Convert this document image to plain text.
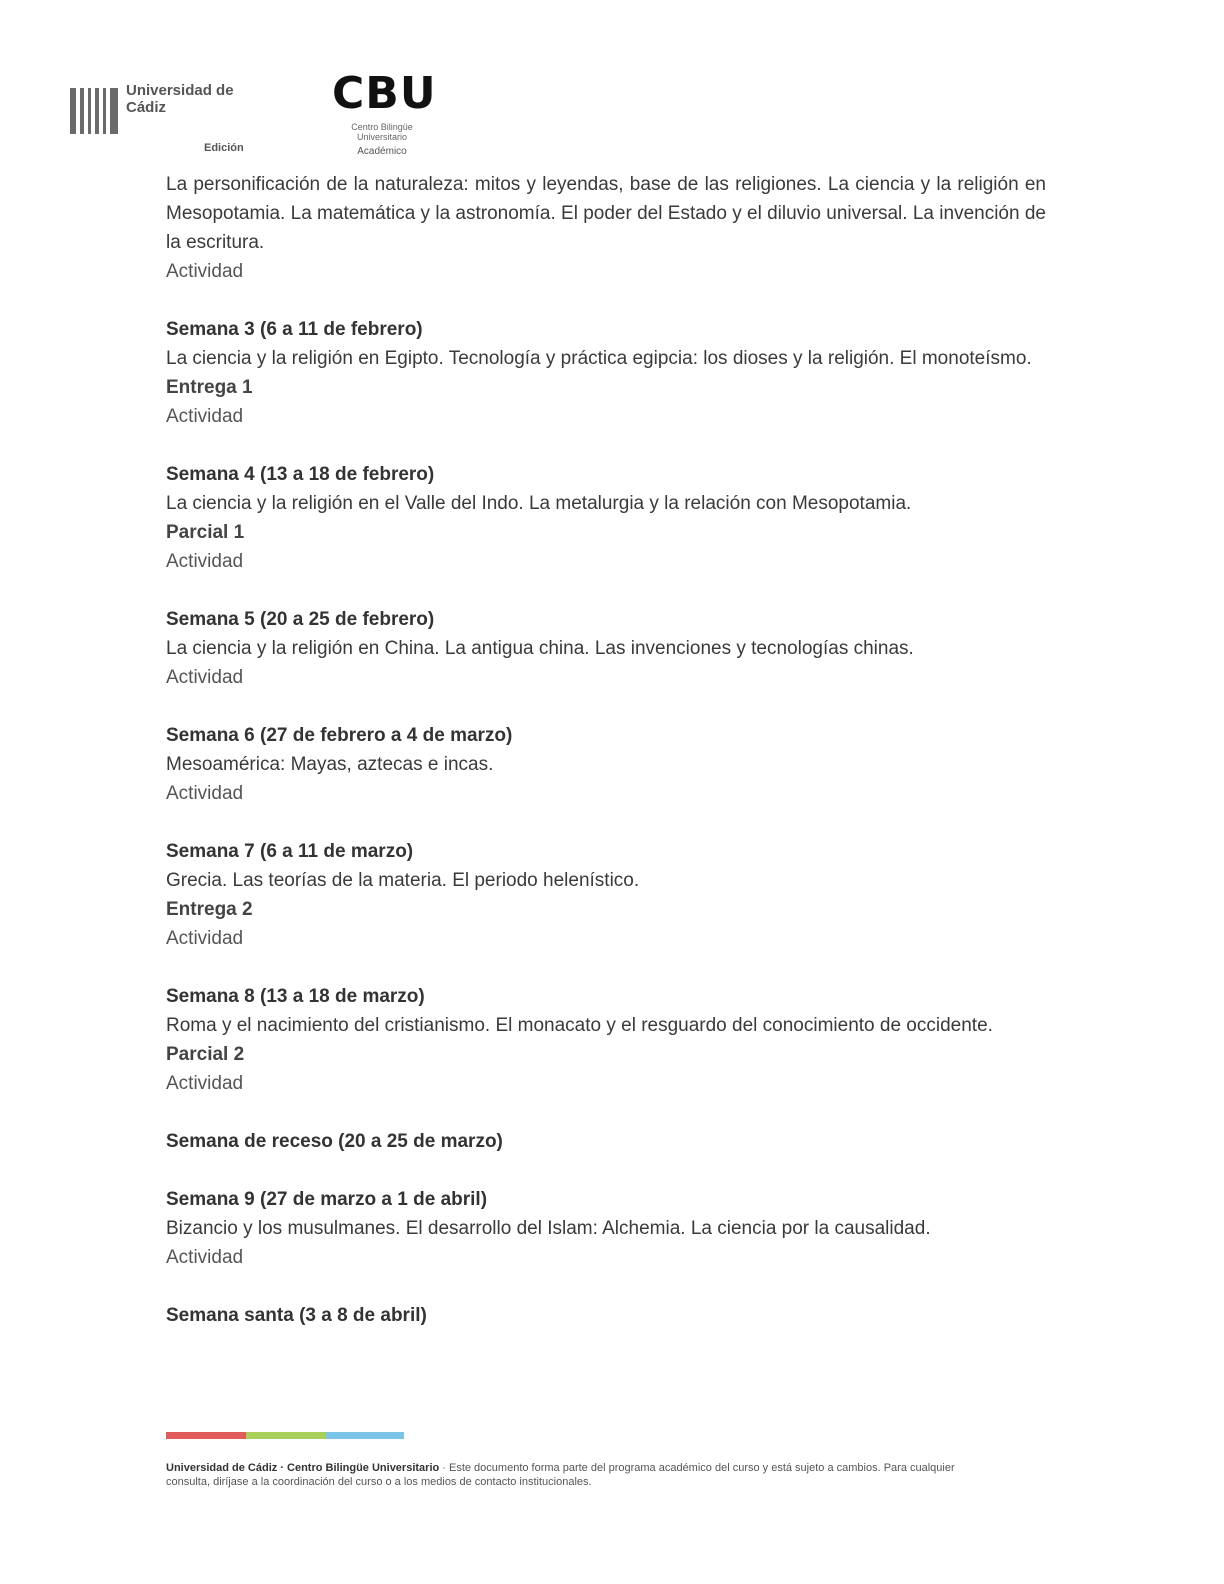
Universidad de Cádiz
Edición
CBU
Centro Bilingüe Universitario
Académico

La personificación de la naturaleza: mitos y leyendas, base de las religiones. La ciencia y la religión en Mesopotamia. La matemática y la astronomía. El poder del Estado y el diluvio universal. La invención de la escritura.

Actividad

Semana 3 (6 a 11 de febrero)

La ciencia y la religión en Egipto. Tecnología y práctica egipcia: los dioses y la religión. El monoteísmo.

Entrega 1

Actividad

Semana 4 (13 a 18 de febrero)

La ciencia y la religión en el Valle del Indo. La metalurgia y la relación con Mesopotamia.

Parcial 1

Actividad

Semana 5 (20 a 25 de febrero)

La ciencia y la religión en China. La antigua china. Las invenciones y tecnologías chinas.

Actividad

Semana 6 (27 de febrero a 4 de marzo)

Mesoamérica: Mayas, aztecas e incas.

Actividad

Semana 7 (6 a 11 de marzo)

Grecia. Las teorías de la materia. El periodo helenístico.

Entrega 2

Actividad

Semana 8 (13 a 18 de marzo)

Roma y el nacimiento del cristianismo. El monacato y el resguardo del conocimiento de occidente.

Parcial 2

Actividad

Semana de receso (20 a 25 de marzo)

Semana 9 (27 de marzo a 1 de abril)

Bizancio y los musulmanes. El desarrollo del Islam: Alchemia. La ciencia por la causalidad.

Actividad

Semana santa (3 a 8 de abril)

Universidad de Cádiz · Centro Bilingüe Universitario · Este documento forma parte del programa académico del curso y está sujeto a cambios. Para cualquier consulta, diríjase a la coordinación del curso o a los medios de contacto institucionales.
